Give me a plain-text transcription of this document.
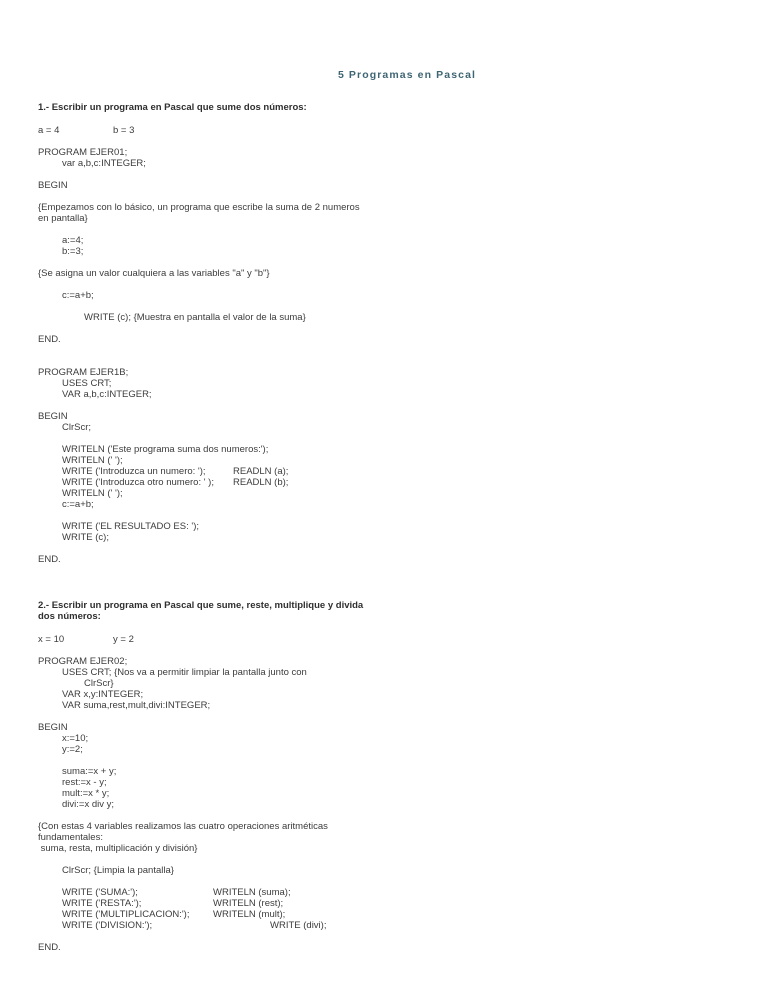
5 Programas en Pascal
1.- Escribir un programa en Pascal que sume dos números:
a = 4	b = 3
PROGRAM EJER01;
var a,b,c:INTEGER;
BEGIN
{Empezamos con lo básico, un programa que escribe la suma de 2 numeros
en pantalla}
a:=4;
b:=3;
{Se asigna un valor cualquiera a las variables "a" y "b"}
c:=a+b;
WRITE (c); {Muestra en pantalla el valor de la suma}
END.
PROGRAM EJER1B;
USES CRT;
VAR a,b,c:INTEGER;
BEGIN
ClrScr;
WRITELN ('Este programa suma dos numeros:');
WRITELN (' ');
WRITE ('Introduzca un numero: ');	READLN (a);
WRITE ('Introduzca otro numero: ' ); READLN (b);
WRITELN (' ');
c:=a+b;
WRITE ('EL RESULTADO ES: ');
WRITE (c);
END.
2.- Escribir un programa en Pascal que sume, reste, multiplique y divida
dos números:
x = 10	y = 2
PROGRAM EJER02;
USES CRT; {Nos va a permitir limpiar la pantalla junto con
ClrScr}
VAR x,y:INTEGER;
VAR suma,rest,mult,divi:INTEGER;
BEGIN
x:=10;
y:=2;
suma:=x + y;
rest:=x - y;
mult:=x * y;
divi:=x div y;
{Con estas 4 variables realizamos las cuatro operaciones aritméticas
fundamentales:
suma, resta, multiplicación y división}
ClrScr; {Limpia la pantalla}
WRITE ('SUMA:');	WRITELN (suma);
WRITE ('RESTA:');	WRITELN (rest);
WRITE ('MULTIPLICACION:'); WRITELN (mult);
WRITE ('DIVISION:');	WRITE (divi);
END.
